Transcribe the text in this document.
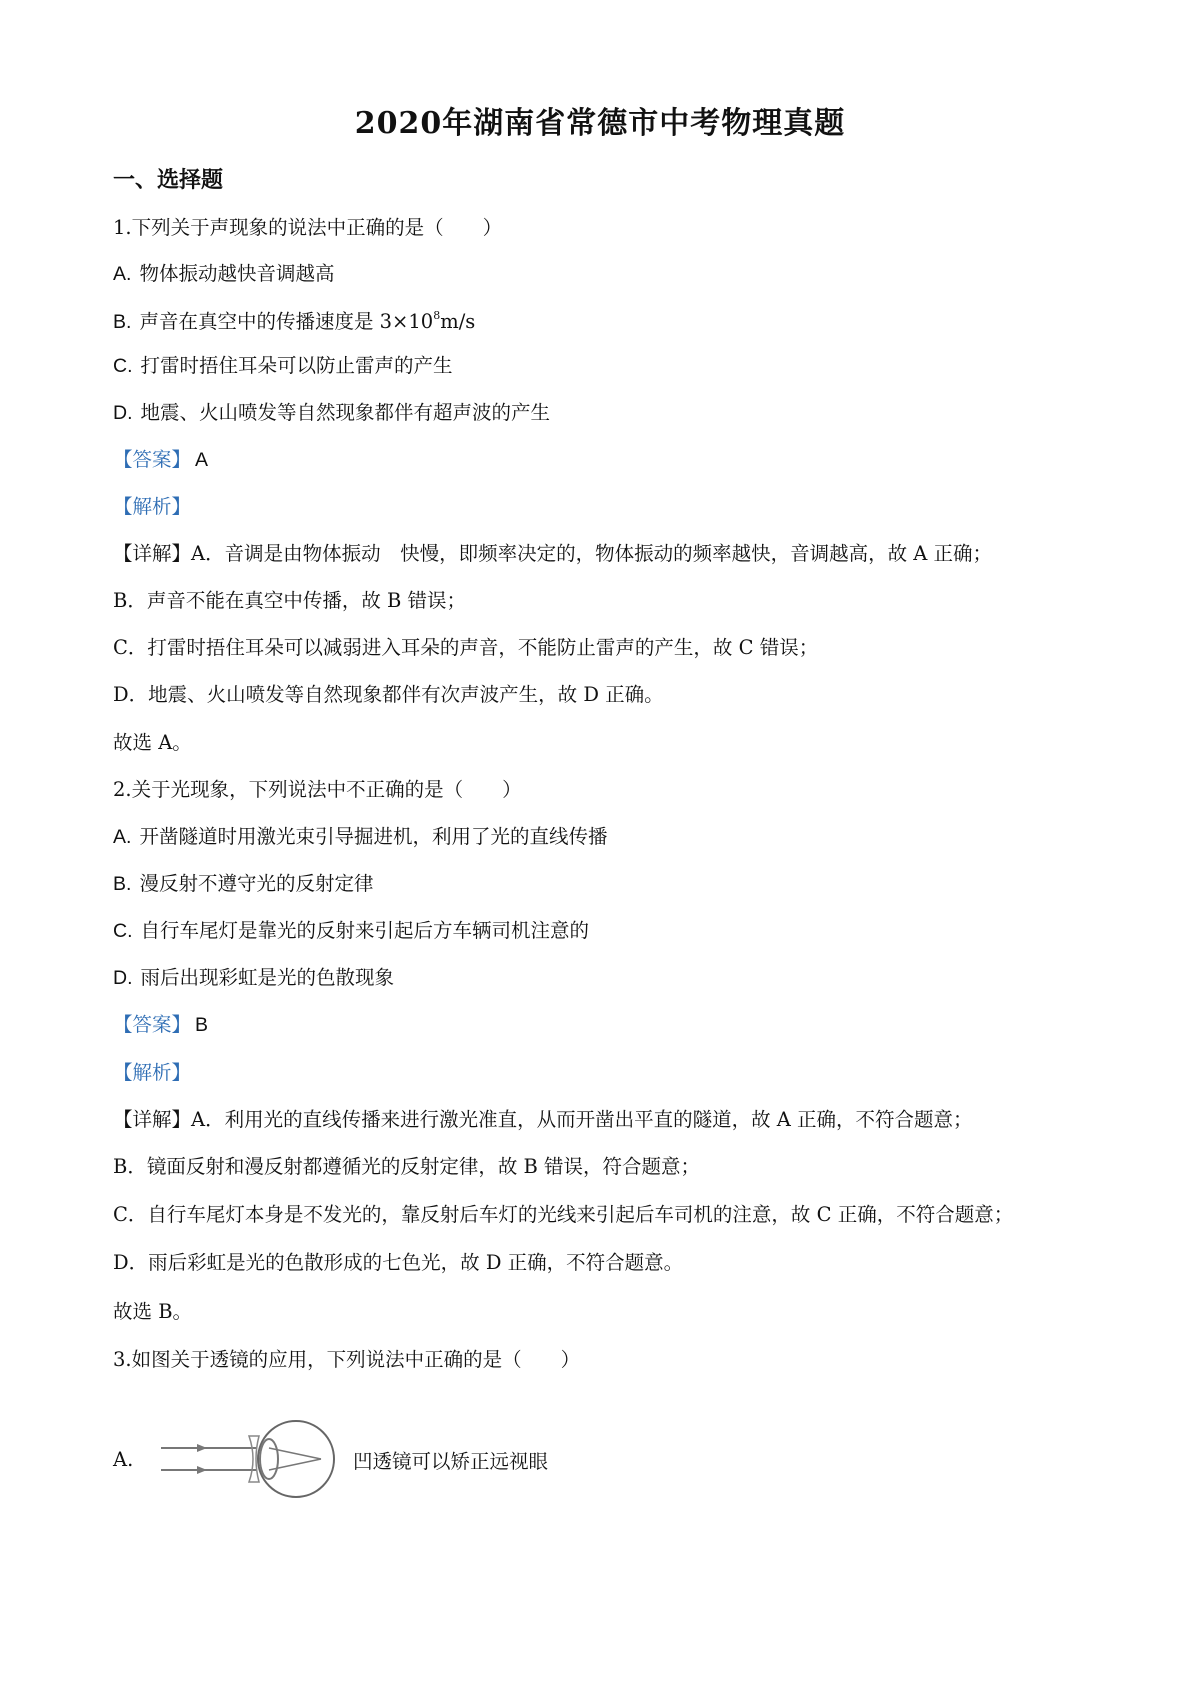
2020年湖南省常德市中考物理真题
一、选择题
1.下列关于声现象的说法中正确的是（　　）
A. 物体振动越快音调越高
B. 声音在真空中的传播速度是 $3\times 10^8m/s$
C. 打雷时捂住耳朵可以防止雷声的产生
D. 地震、火山喷发等自然现象都伴有超声波的产生
【答案】 A
【解析】
【详解】A．音调是由物体振动　快慢，即频率决定的，物体振动的频率越快，音调越高，故 A 正确；
B．声音不能在真空中传播，故 B 错误；
C．打雷时捂住耳朵可以减弱进入耳朵的声音，不能防止雷声的产生，故 C 错误；
D．地震、火山喷发等自然现象都伴有次声波产生，故 D 正确。
故选 A。
2.关于光现象，下列说法中不正确的是（　　）
A. 开凿隧道时用激光束引导掘进机，利用了光的直线传播
B. 漫反射不遵守光的反射定律
C. 自行车尾灯是靠光的反射来引起后方车辆司机注意的
D. 雨后出现彩虹是光的色散现象
【答案】 B
【解析】
【详解】A．利用光的直线传播来进行激光准直，从而开凿出平直的隧道，故 A 正确，不符合题意；
B．镜面反射和漫反射都遵循光的反射定律，故 B 错误，符合题意；
C．自行车尾灯本身是不发光的，靠反射后车灯的光线来引起后车司机的注意，故 C 正确，不符合题意；
D．雨后彩虹是光的色散形成的七色光，故 D 正确，不符合题意。
故选 B。
3.如图关于透镜的应用，下列说法中正确的是（　　）
A.	凹透镜可以矫正远视眼
